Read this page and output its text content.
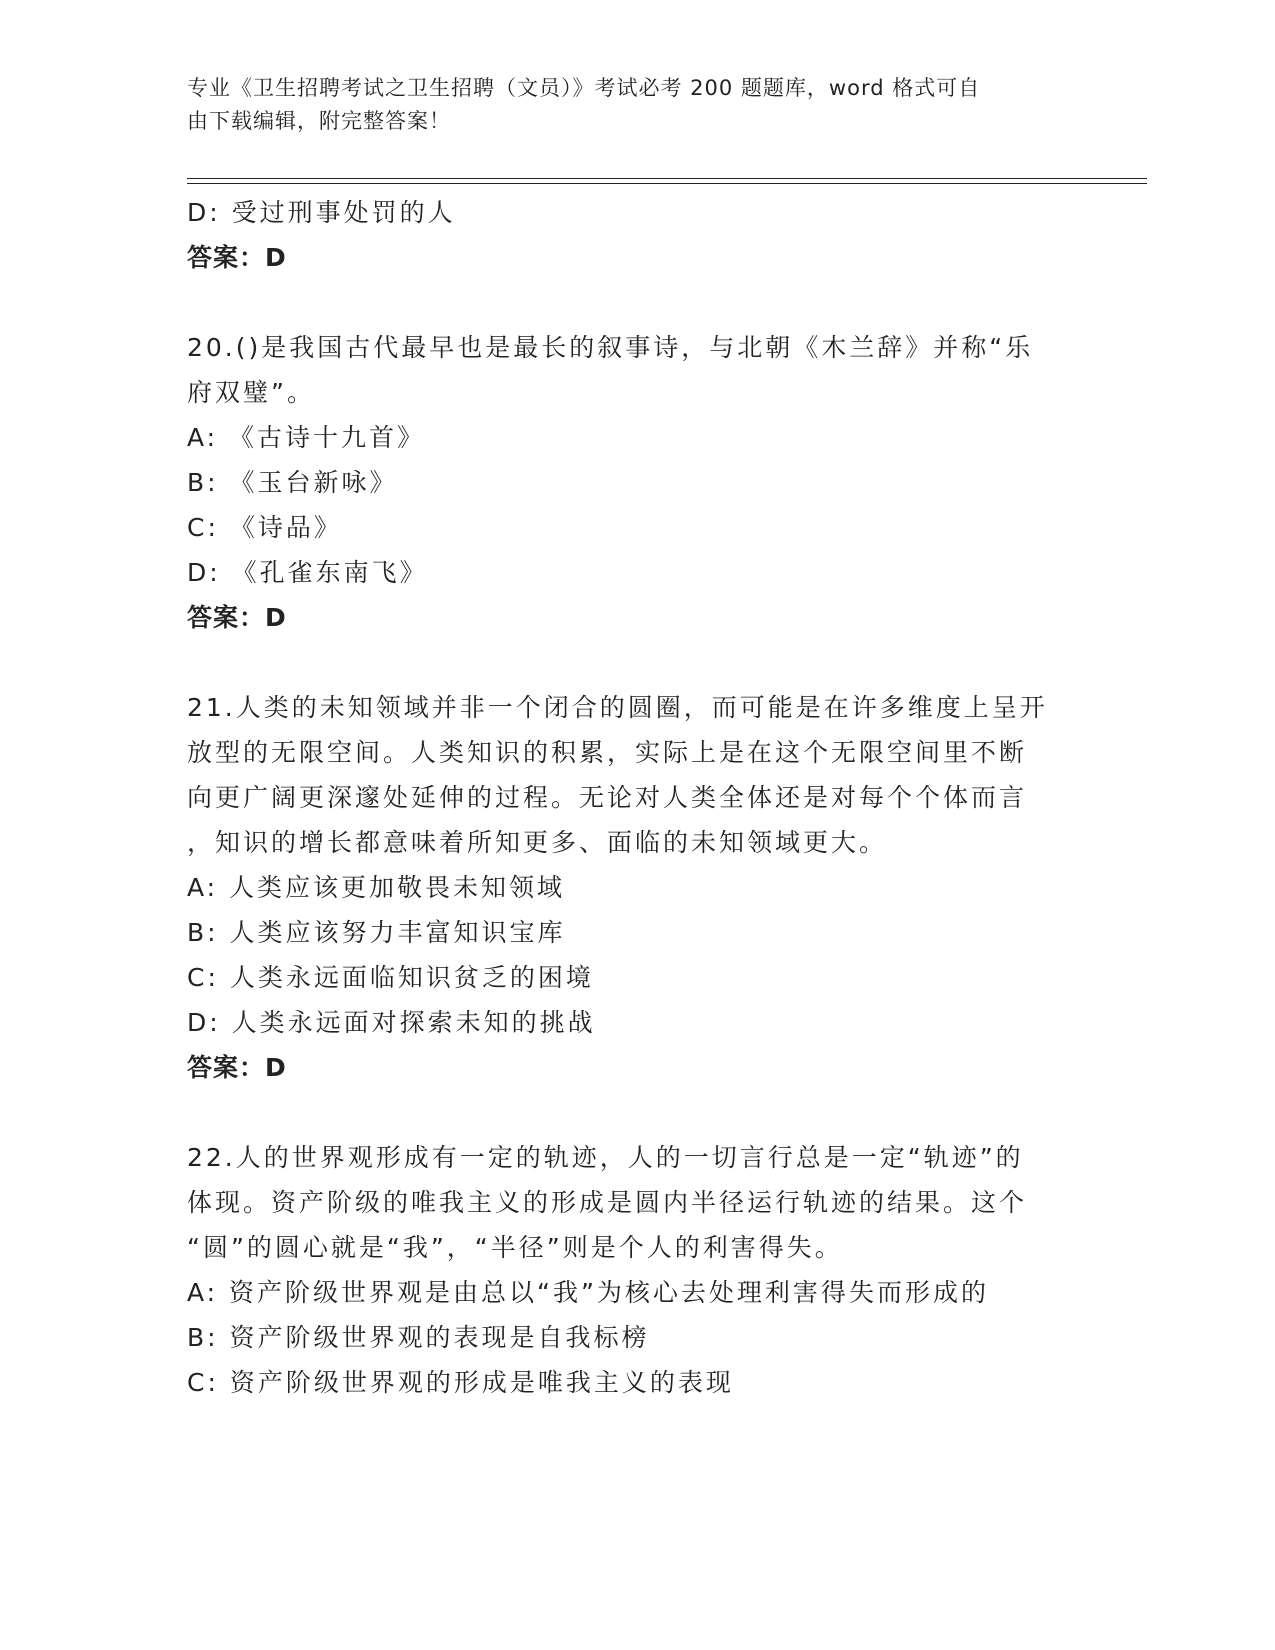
专业《卫生招聘考试之卫生招聘（文员）》考试必考 200 题题库，word 格式可自
由下载编辑，附完整答案！
D: 受过刑事处罚的人
答案：D
20.()是我国古代最早也是最长的叙事诗，与北朝《木兰辞》并称“乐
府双璧”。
A: 《古诗十九首》
B: 《玉台新咏》
C: 《诗品》
D: 《孔雀东南飞》
答案：D
21.人类的未知领域并非一个闭合的圆圈，而可能是在许多维度上呈开
放型的无限空间。人类知识的积累，实际上是在这个无限空间里不断
向更广阔更深邃处延伸的过程。无论对人类全体还是对每个个体而言
，知识的增长都意味着所知更多、面临的未知领域更大。
A: 人类应该更加敬畏未知领域
B: 人类应该努力丰富知识宝库
C: 人类永远面临知识贫乏的困境
D: 人类永远面对探索未知的挑战
答案：D
22.人的世界观形成有一定的轨迹，人的一切言行总是一定“轨迹”的
体现。资产阶级的唯我主义的形成是圆内半径运行轨迹的结果。这个
“圆”的圆心就是“我”，“半径”则是个人的利害得失。
A: 资产阶级世界观是由总以“我”为核心去处理利害得失而形成的
B: 资产阶级世界观的表现是自我标榜
C: 资产阶级世界观的形成是唯我主义的表现
